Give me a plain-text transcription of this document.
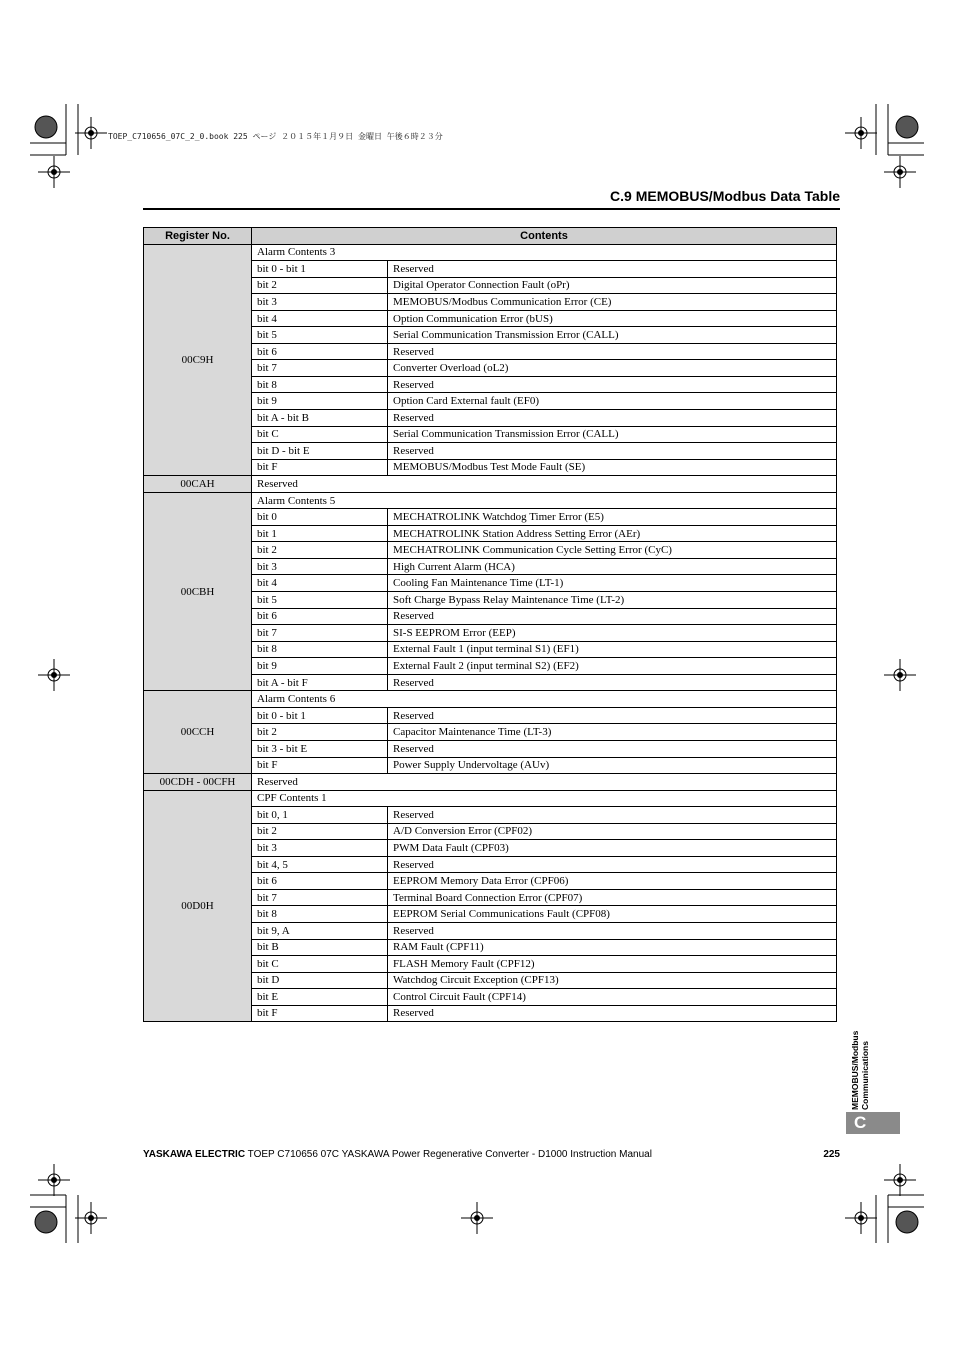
TOEP_C710656_07C_2_0.book 225 ページ ２０１５年１月９日 金曜日 午後６時２３分
C.9 MEMOBUS/Modbus Data Table
Register No.	Contents	
00C9H	Alarm Contents 3	
	bit 0 - bit 1	Reserved
	bit 2	Digital Operator Connection Fault (oPr)
	bit 3	MEMOBUS/Modbus Communication Error (CE)
	bit 4	Option Communication Error (bUS)
	bit 5	Serial Communication Transmission Error (CALL)
	bit 6	Reserved
	bit 7	Converter Overload (oL2)
	bit 8	Reserved
	bit 9	Option Card External fault (EF0)
	bit A - bit B	Reserved
	bit C	Serial Communication Transmission Error (CALL)
	bit D - bit E	Reserved
	bit F	MEMOBUS/Modbus Test Mode Fault (SE)
00CAH	Reserved	
00CBH	Alarm Contents 5	
	bit 0	MECHATROLINK Watchdog Timer Error (E5)
	bit 1	MECHATROLINK Station Address Setting Error (AEr)
	bit 2	MECHATROLINK Communication Cycle Setting Error (CyC)
	bit 3	High Current Alarm (HCA)
	bit 4	Cooling Fan Maintenance Time (LT-1)
	bit 5	Soft Charge Bypass Relay Maintenance Time (LT-2)
	bit 6	Reserved
	bit 7	SI-S EEPROM Error (EEP)
	bit 8	External Fault 1 (input terminal S1) (EF1)
	bit 9	External Fault 2 (input terminal S2) (EF2)
	bit A - bit F	Reserved
00CCH	Alarm Contents 6	
	bit 0 - bit 1	Reserved
	bit 2	Capacitor Maintenance Time (LT-3)
	bit 3 - bit E	Reserved
	bit F	Power Supply Undervoltage (AUv)
00CDH - 00CFH	Reserved	
00D0H	CPF Contents 1	
	bit 0, 1	Reserved
	bit 2	A/D Conversion Error (CPF02)
	bit 3	PWM Data Fault (CPF03)
	bit 4, 5	Reserved
	bit 6	EEPROM Memory Data Error (CPF06)
	bit 7	Terminal Board Connection Error (CPF07)
	bit 8	EEPROM Serial Communications Fault (CPF08)
	bit 9, A	Reserved
	bit B	RAM Fault (CPF11)
	bit C	FLASH Memory Fault (CPF12)
	bit D	Watchdog Circuit Exception (CPF13)
	bit E	Control Circuit Fault (CPF14)
	bit F	Reserved
MEMOBUS/Modbus Communications
C
YASKAWA ELECTRIC TOEP C710656 07C YASKAWA Power Regenerative Converter - D1000 Instruction Manual	225
